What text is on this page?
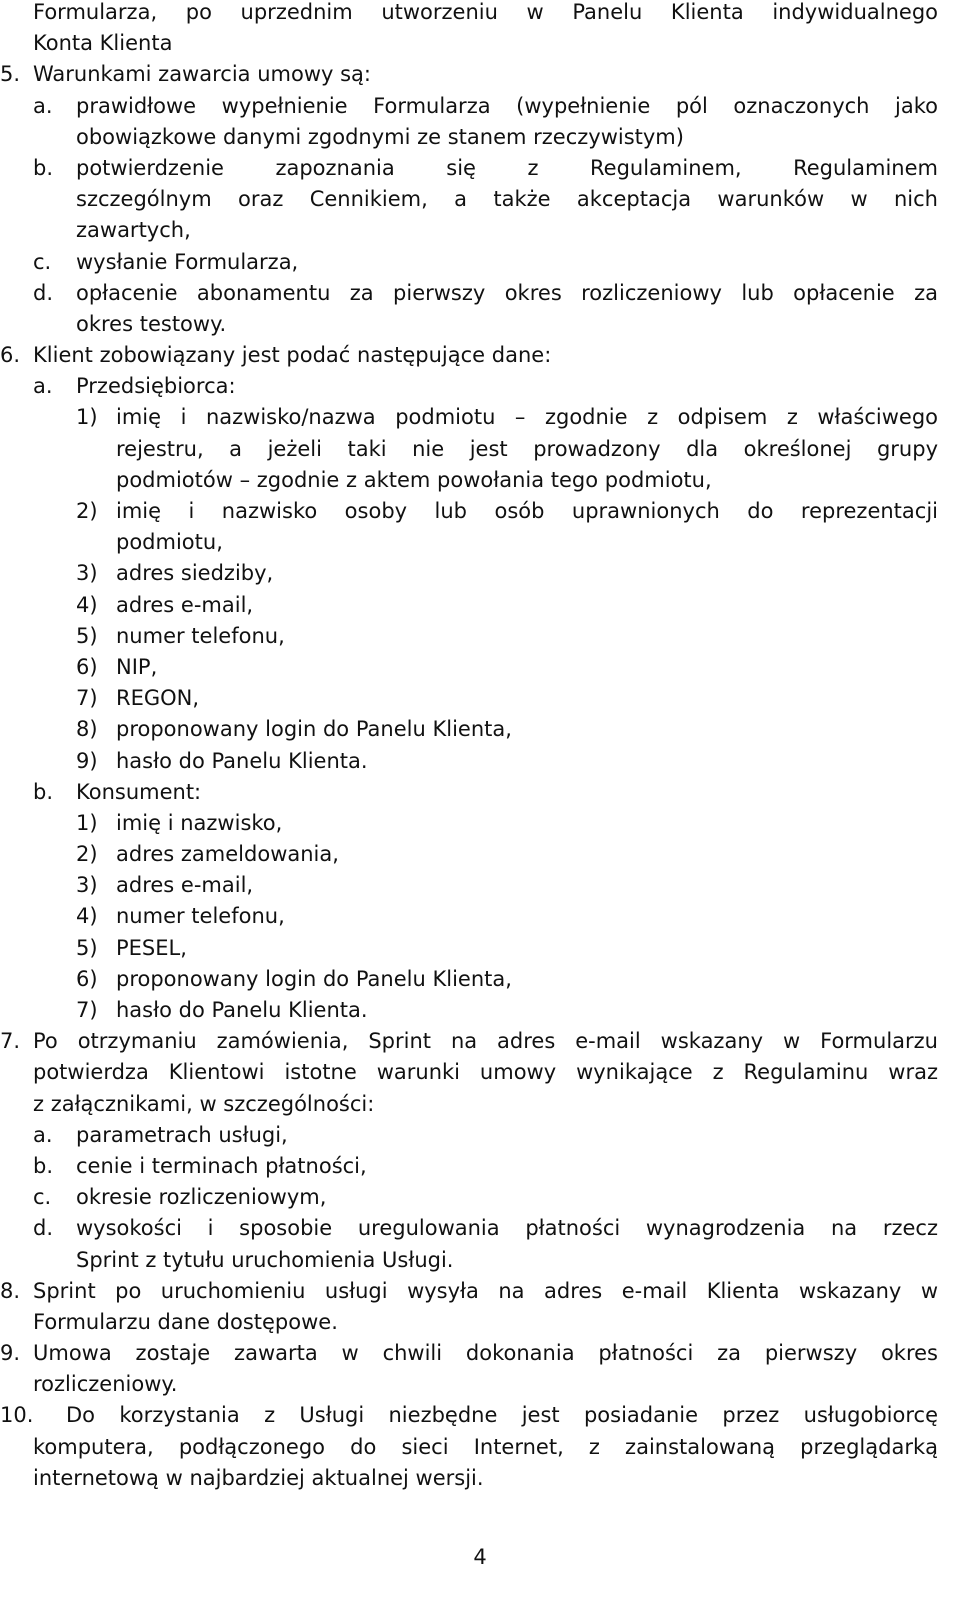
Formularza, po uprzednim utworzeniu w Panelu Klienta indywidualnego
Konta Klienta
5. Warunkami zawarcia umowy są:
a.	prawidłowe wypełnienie Formularza (wypełnienie pól oznaczonych jako
obowiązkowe danymi zgodnymi ze stanem rzeczywistym)
b.	potwierdzenie zapoznania się z Regulaminem, Regulaminem
szczególnym oraz Cennikiem, a także akceptacja warunków w nich
zawartych,
c.	wysłanie Formularza,
d.	opłacenie abonamentu za pierwszy okres rozliczeniowy lub opłacenie za
okres testowy.
6. Klient zobowiązany jest podać następujące dane:
a.	Przedsiębiorca:
1) imię i nazwisko/nazwa podmiotu – zgodnie z odpisem z właściwego
rejestru, a jeżeli taki nie jest prowadzony dla określonej grupy
podmiotów – zgodnie z aktem powołania tego podmiotu,
2) imię i nazwisko osoby lub osób uprawnionych do reprezentacji
podmiotu,
3) adres siedziby,
4) adres e-mail,
5) numer telefonu,
6) NIP,
7) REGON,
8) proponowany login do Panelu Klienta,
9) hasło do Panelu Klienta.
b.	Konsument:
1) imię i nazwisko,
2) adres zameldowania,
3) adres e-mail,
4) numer telefonu,
5) PESEL,
6) proponowany login do Panelu Klienta,
7) hasło do Panelu Klienta.
7. Po otrzymaniu zamówienia, Sprint na adres e-mail wskazany w Formularzu
potwierdza Klientowi istotne warunki umowy wynikające z Regulaminu wraz
z załącznikami, w szczególności:
a.	parametrach usługi,
b.	cenie i terminach płatności,
c.	okresie rozliczeniowym,
d.	wysokości i sposobie uregulowania płatności wynagrodzenia na rzecz
Sprint z tytułu uruchomienia Usługi.
8. Sprint po uruchomieniu usługi wysyła na adres e-mail Klienta wskazany w
Formularzu dane dostępowe.
9. Umowa zostaje zawarta w chwili dokonania płatności za pierwszy okres
rozliczeniowy.
10. Do korzystania z Usługi niezbędne jest posiadanie przez usługobiorcę
komputera, podłączonego do sieci Internet, z zainstalowaną przeglądarką
internetową w najbardziej aktualnej wersji.
4
